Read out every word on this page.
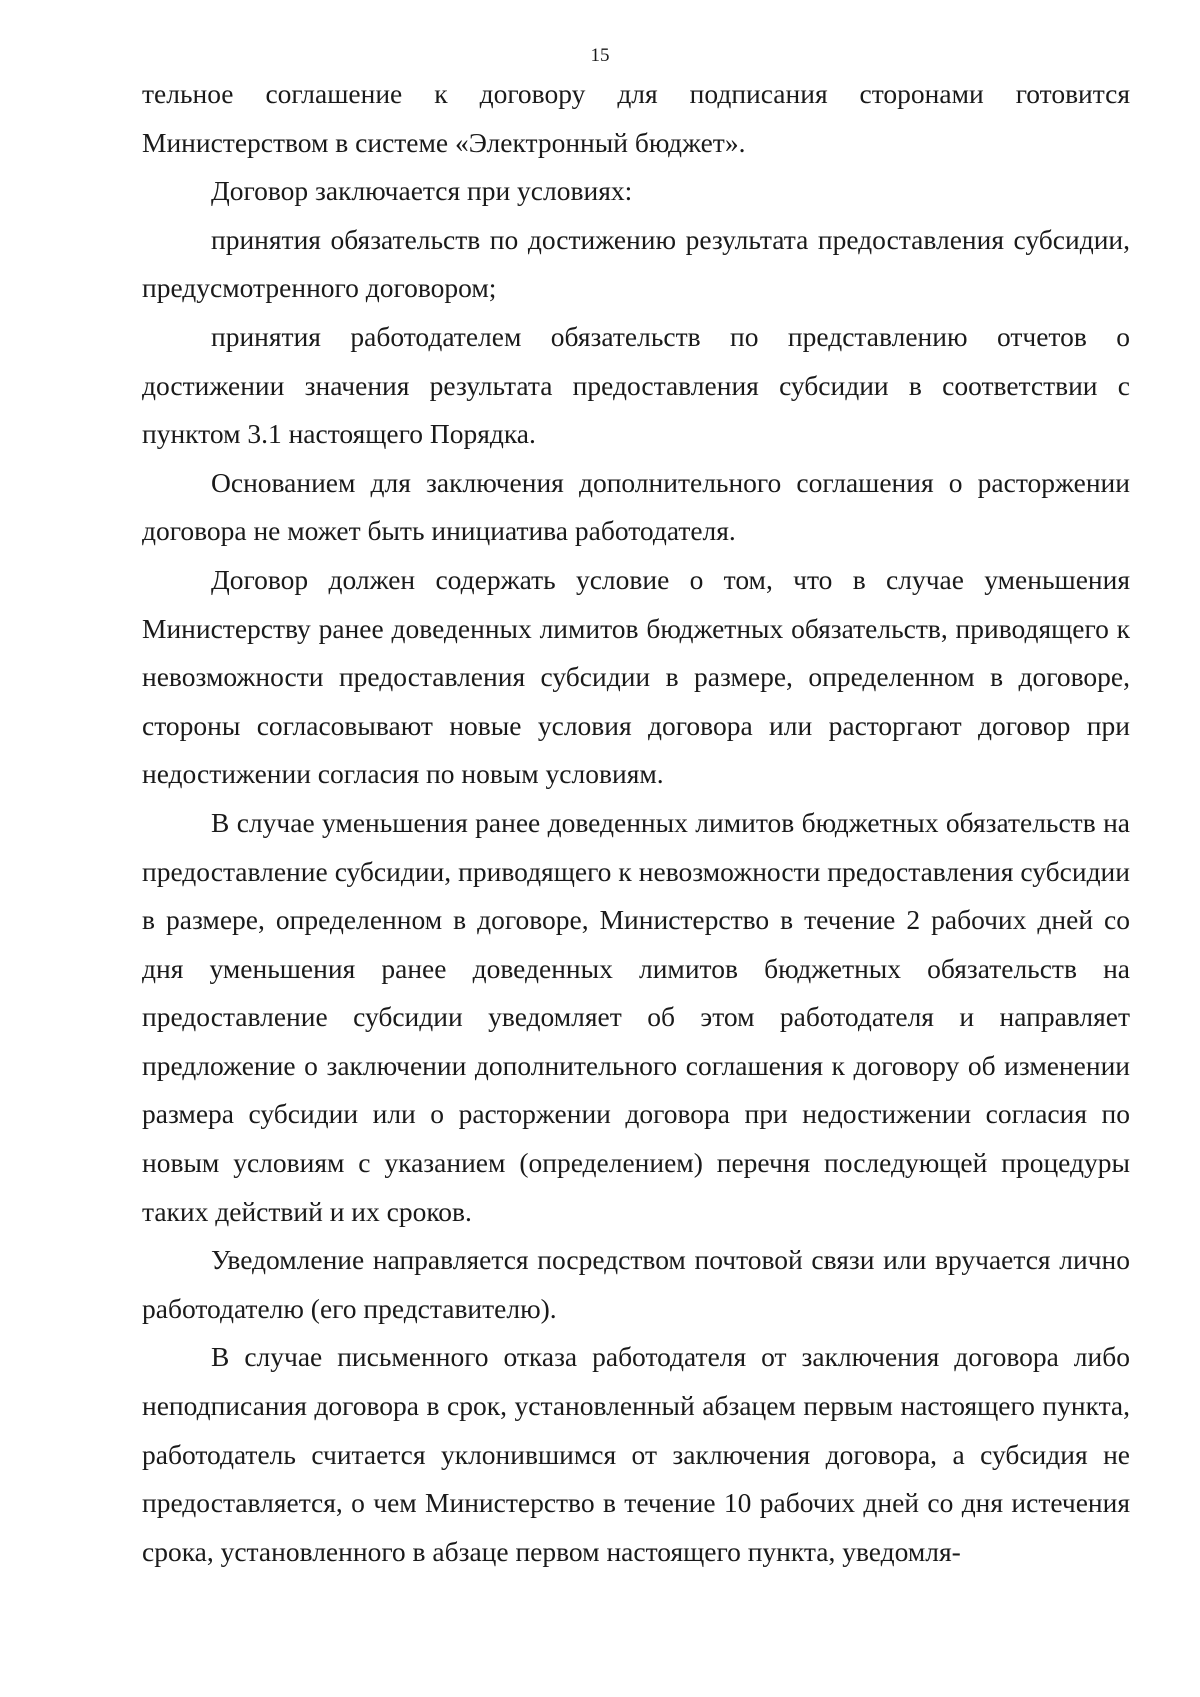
15

тельное соглашение к договору для подписания сторонами готовится Министерством в системе «Электронный бюджет».

Договор заключается при условиях:

принятия обязательств по достижению результата предоставления субсидии, предусмотренного договором;

принятия работодателем обязательств по представлению отчетов о достижении значения результата предоставления субсидии в соответствии с пунктом 3.1 настоящего Порядка.

Основанием для заключения дополнительного соглашения о расторжении договора не может быть инициатива работодателя.

Договор должен содержать условие о том, что в случае уменьшения Министерству ранее доведенных лимитов бюджетных обязательств, приводящего к невозможности предоставления субсидии в размере, определенном в договоре, стороны согласовывают новые условия договора или расторгают договор при недостижении согласия по новым условиям.

В случае уменьшения ранее доведенных лимитов бюджетных обязательств на предоставление субсидии, приводящего к невозможности предоставления субсидии в размере, определенном в договоре, Министерство в течение 2 рабочих дней со дня уменьшения ранее доведенных лимитов бюджетных обязательств на предоставление субсидии уведомляет об этом работодателя и направляет предложение о заключении дополнительного соглашения к договору об изменении размера субсидии или о расторжении договора при недостижении согласия по новым условиям с указанием (определением) перечня последующей процедуры таких действий и их сроков.

Уведомление направляется посредством почтовой связи или вручается лично работодателю (его представителю).

В случае письменного отказа работодателя от заключения договора либо неподписания договора в срок, установленный абзацем первым настоящего пункта, работодатель считается уклонившимся от заключения договора, а субсидия не предоставляется, о чем Министерство в течение 10 рабочих дней со дня истечения срока, установленного в абзаце первом настоящего пункта, уведомля-
